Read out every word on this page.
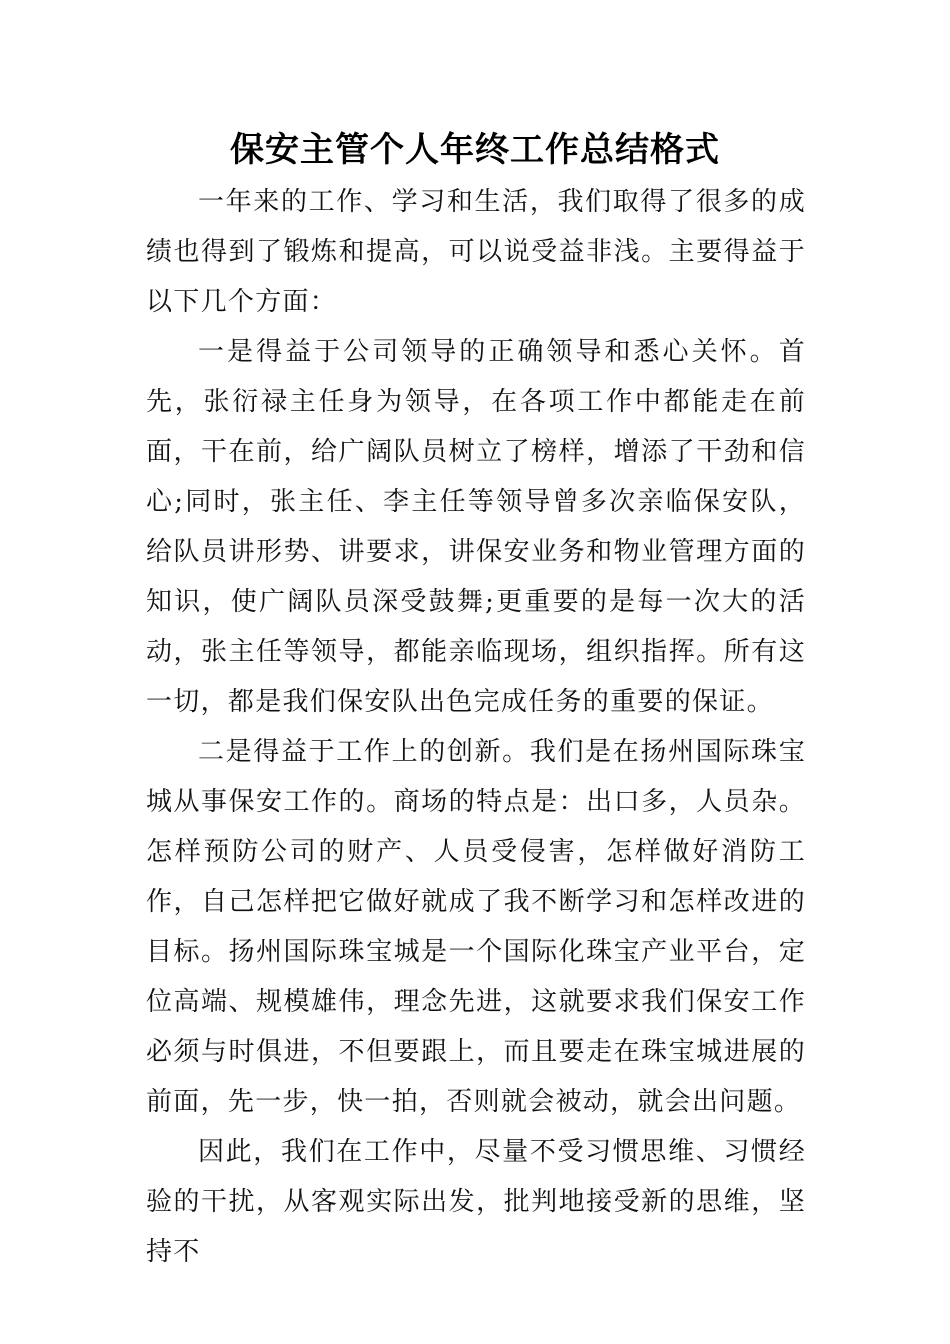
保安主管个人年终工作总结格式

一年来的工作、学习和生活，我们取得了很多的成绩也得到了锻炼和提高，可以说受益非浅。主要得益于以下几个方面：

一是得益于公司领导的正确领导和悉心关怀。首先，张衍禄主任身为领导，在各项工作中都能走在前面，干在前，给广阔队员树立了榜样，增添了干劲和信心;同时，张主任、李主任等领导曾多次亲临保安队，给队员讲形势、讲要求，讲保安业务和物业管理方面的知识，使广阔队员深受鼓舞;更重要的是每一次大的活动，张主任等领导，都能亲临现场，组织指挥。所有这一切，都是我们保安队出色完成任务的重要的保证。

二是得益于工作上的创新。我们是在扬州国际珠宝城从事保安工作的。商场的特点是：出口多，人员杂。怎样预防公司的财产、人员受侵害，怎样做好消防工作，自己怎样把它做好就成了我不断学习和怎样改进的目标。扬州国际珠宝城是一个国际化珠宝产业平台，定位高端、规模雄伟，理念先进，这就要求我们保安工作必须与时俱进，不但要跟上，而且要走在珠宝城进展的前面，先一步，快一拍，否则就会被动，就会出问题。

因此，我们在工作中，尽量不受习惯思维、习惯经验的干扰，从客观实际出发，批判地接受新的思维，坚持不
